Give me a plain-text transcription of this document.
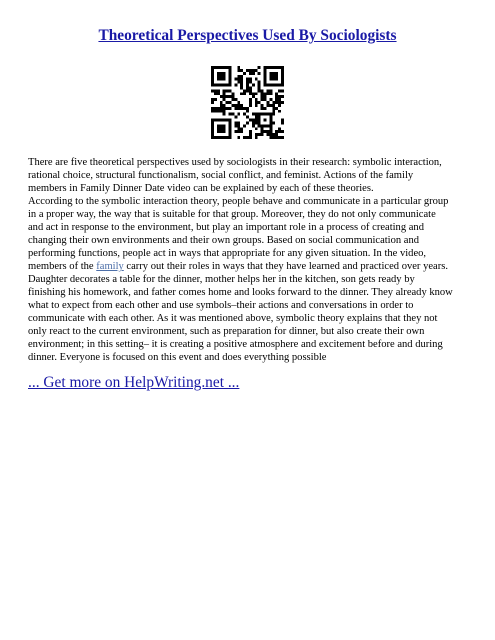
Theoretical Perspectives Used By Sociologists
There are five theoretical perspectives used by sociologists in their research: symbolic interaction,
rational choice, structural functionalism, social conflict, and feminist. Actions of the family
members in Family Dinner Date video can be explained by each of these theories.
According to the symbolic interaction theory, people behave and communicate in a particular group
in a proper way, the way that is suitable for that group. Moreover, they do not only communicate
and act in response to the environment, but play an important role in a process of creating and
changing their own environments and their own groups. Based on social communication and
performing functions, people act in ways that appropriate for any given situation. In the video,
members of the family carry out their roles in ways that they have learned and practiced over years.
Daughter decorates a table for the dinner, mother helps her in the kitchen, son gets ready by
finishing his homework, and father comes home and looks forward to the dinner. They already know
what to expect from each other and use symbols–their actions and conversations in order to
communicate with each other. As it was mentioned above, symbolic theory explains that they not
only react to the current environment, such as preparation for dinner, but also create their own
environment; in this setting– it is creating a positive atmosphere and excitement before and during
dinner. Everyone is focused on this event and does everything possible
... Get more on HelpWriting.net ...
